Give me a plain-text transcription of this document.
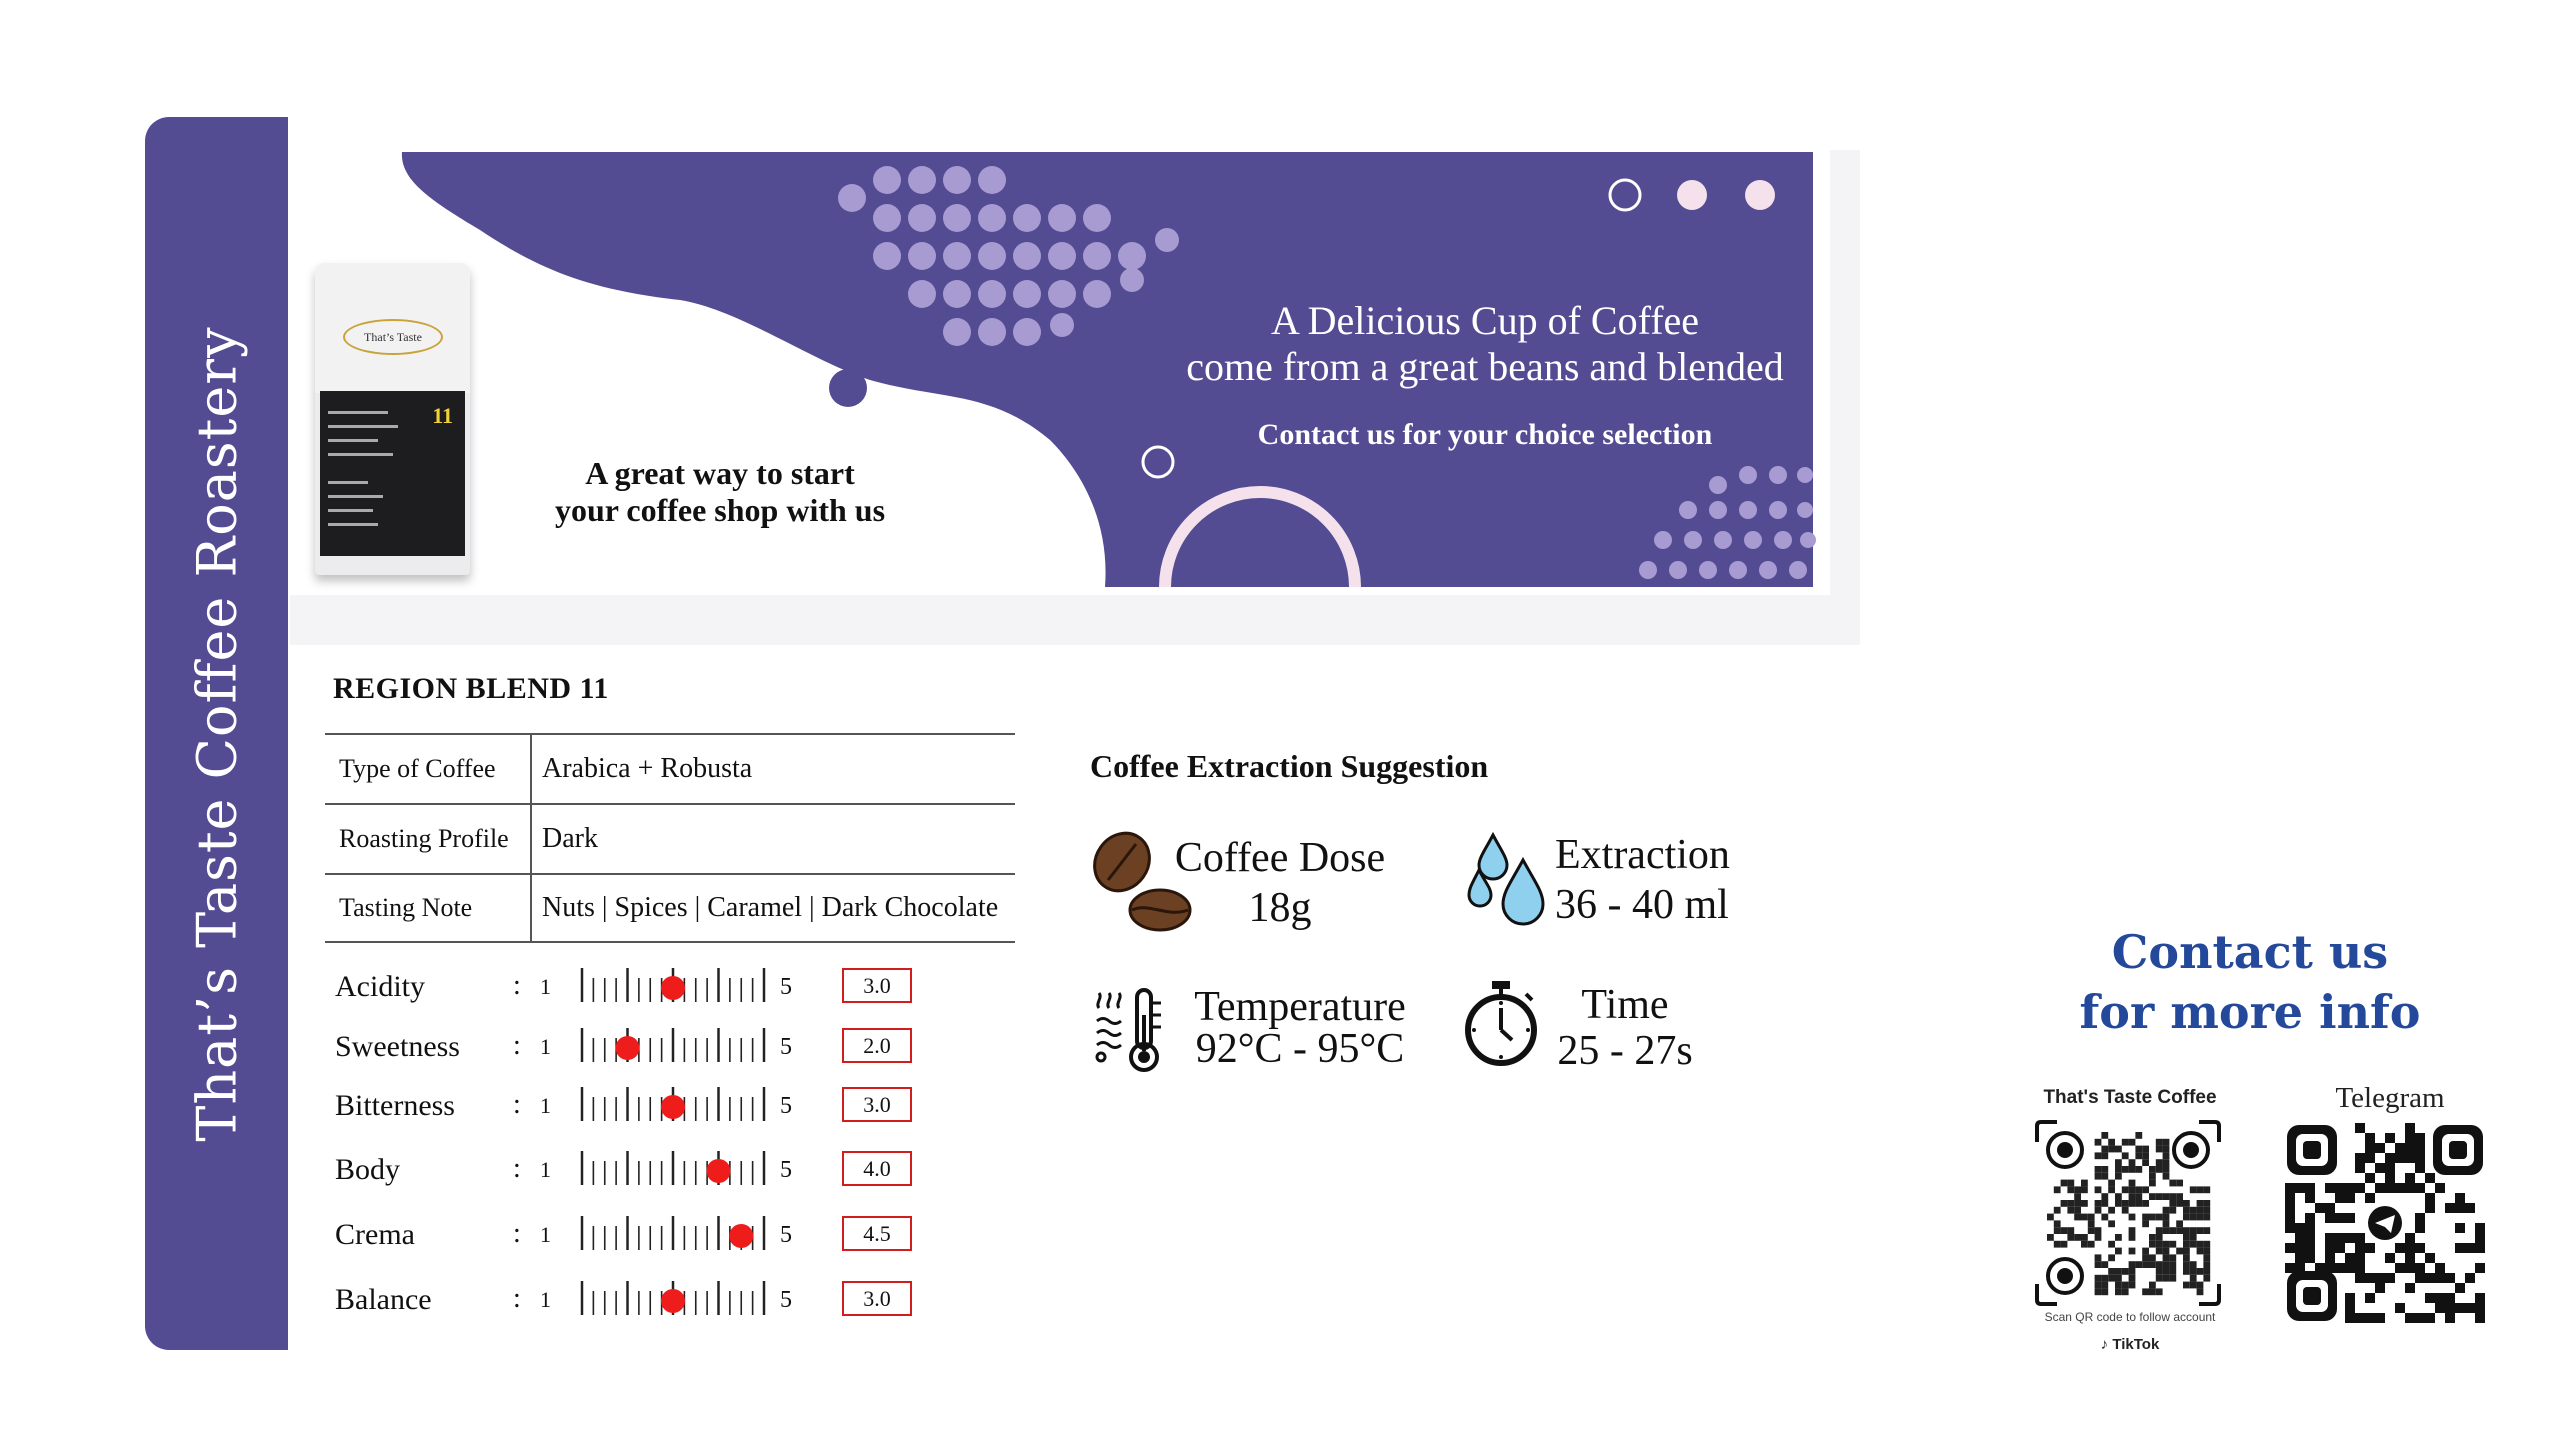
That’s Taste Coffee Roastery
A Delicious Cup of Coffee
come from a great beans and blended
Contact us for your choice selection
A great way to start
your coffee shop with us
That’s Taste
11
REGION BLEND 11
Type of Coffee	Arabica + Robusta
Roasting Profile	Dark
Tasting Note	Nuts | Spices | Caramel | Dark Chocolate
Acidity	: 1	5	3.0
Sweetness : 1	5	2.0
Bitterness : 1	5	3.0
Body	: 1	5	4.0
Crema	: 1	5	4.5
Balance	: 1	5	3.0
Coffee Extraction Suggestion
Coffee Dose
18g
Extraction
36 - 40 ml
Temperature
92°C - 95°C
Time
25 - 27s
Contact us
for more info
That's Taste Coffee
Scan QR code to follow account
♪ TikTok
Telegram
